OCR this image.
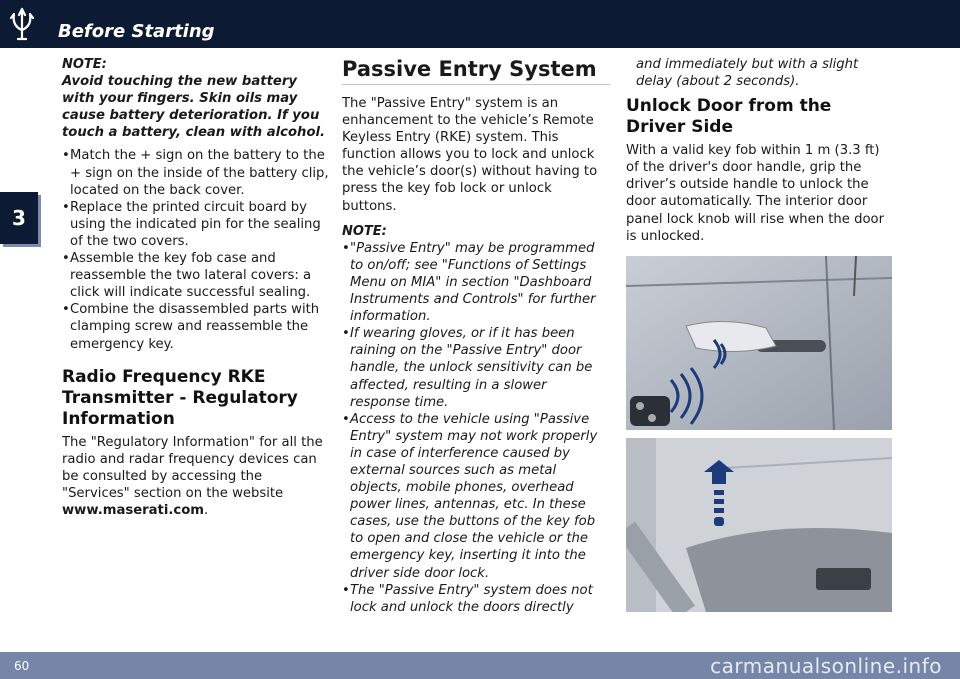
Before Starting
3

NOTE:

Avoid touching the new battery with your fingers. Skin oils may cause battery deterioration. If you touch a battery, clean with alcohol.

• Match the + sign on the battery to the + sign on the inside of the battery clip, located on the back cover.
• Replace the printed circuit board by using the indicated pin for the sealing of the two covers.
• Assemble the key fob case and reassemble the two lateral covers: a click will indicate successful sealing.
• Combine the disassembled parts with clamping screw and reassemble the emergency key.
Radio Frequency RKE Transmitter - Regulatory Information

The "Regulatory Information" for all the radio and radar frequency devices can be consulted by accessing the "Services" section on the website www.maserati.com.

Passive Entry System

The "Passive Entry" system is an enhancement to the vehicle’s Remote Keyless Entry (RKE) system. This function allows you to lock and unlock the vehicle’s door(s) without having to press the key fob lock or unlock buttons.

NOTE:

• "Passive Entry" may be programmed to on/off; see "Functions of Settings Menu on MIA" in section "Dashboard Instruments and Controls" for further information.
• If wearing gloves, or if it has been raining on the "Passive Entry" door handle, the unlock sensitivity can be affected, resulting in a slower response time.
• Access to the vehicle using "Passive Entry" system may not work properly in case of interference caused by external sources such as metal objects, mobile phones, overhead power lines, antennas, etc. In these cases, use the buttons of the key fob to open and close the vehicle or the emergency key, inserting it into the driver side door lock.
• The "Passive Entry" system does not lock and unlock the doors directly

and immediately but with a slight delay (about 2 seconds).

Unlock Door from the Driver Side

With a valid key fob within 1 m (3.3 ft) of the driver's door handle, grip the driver’s outside handle to unlock the door automatically. The interior door panel lock knob will rise when the door is unlocked.

60	carmanualsonline.info
